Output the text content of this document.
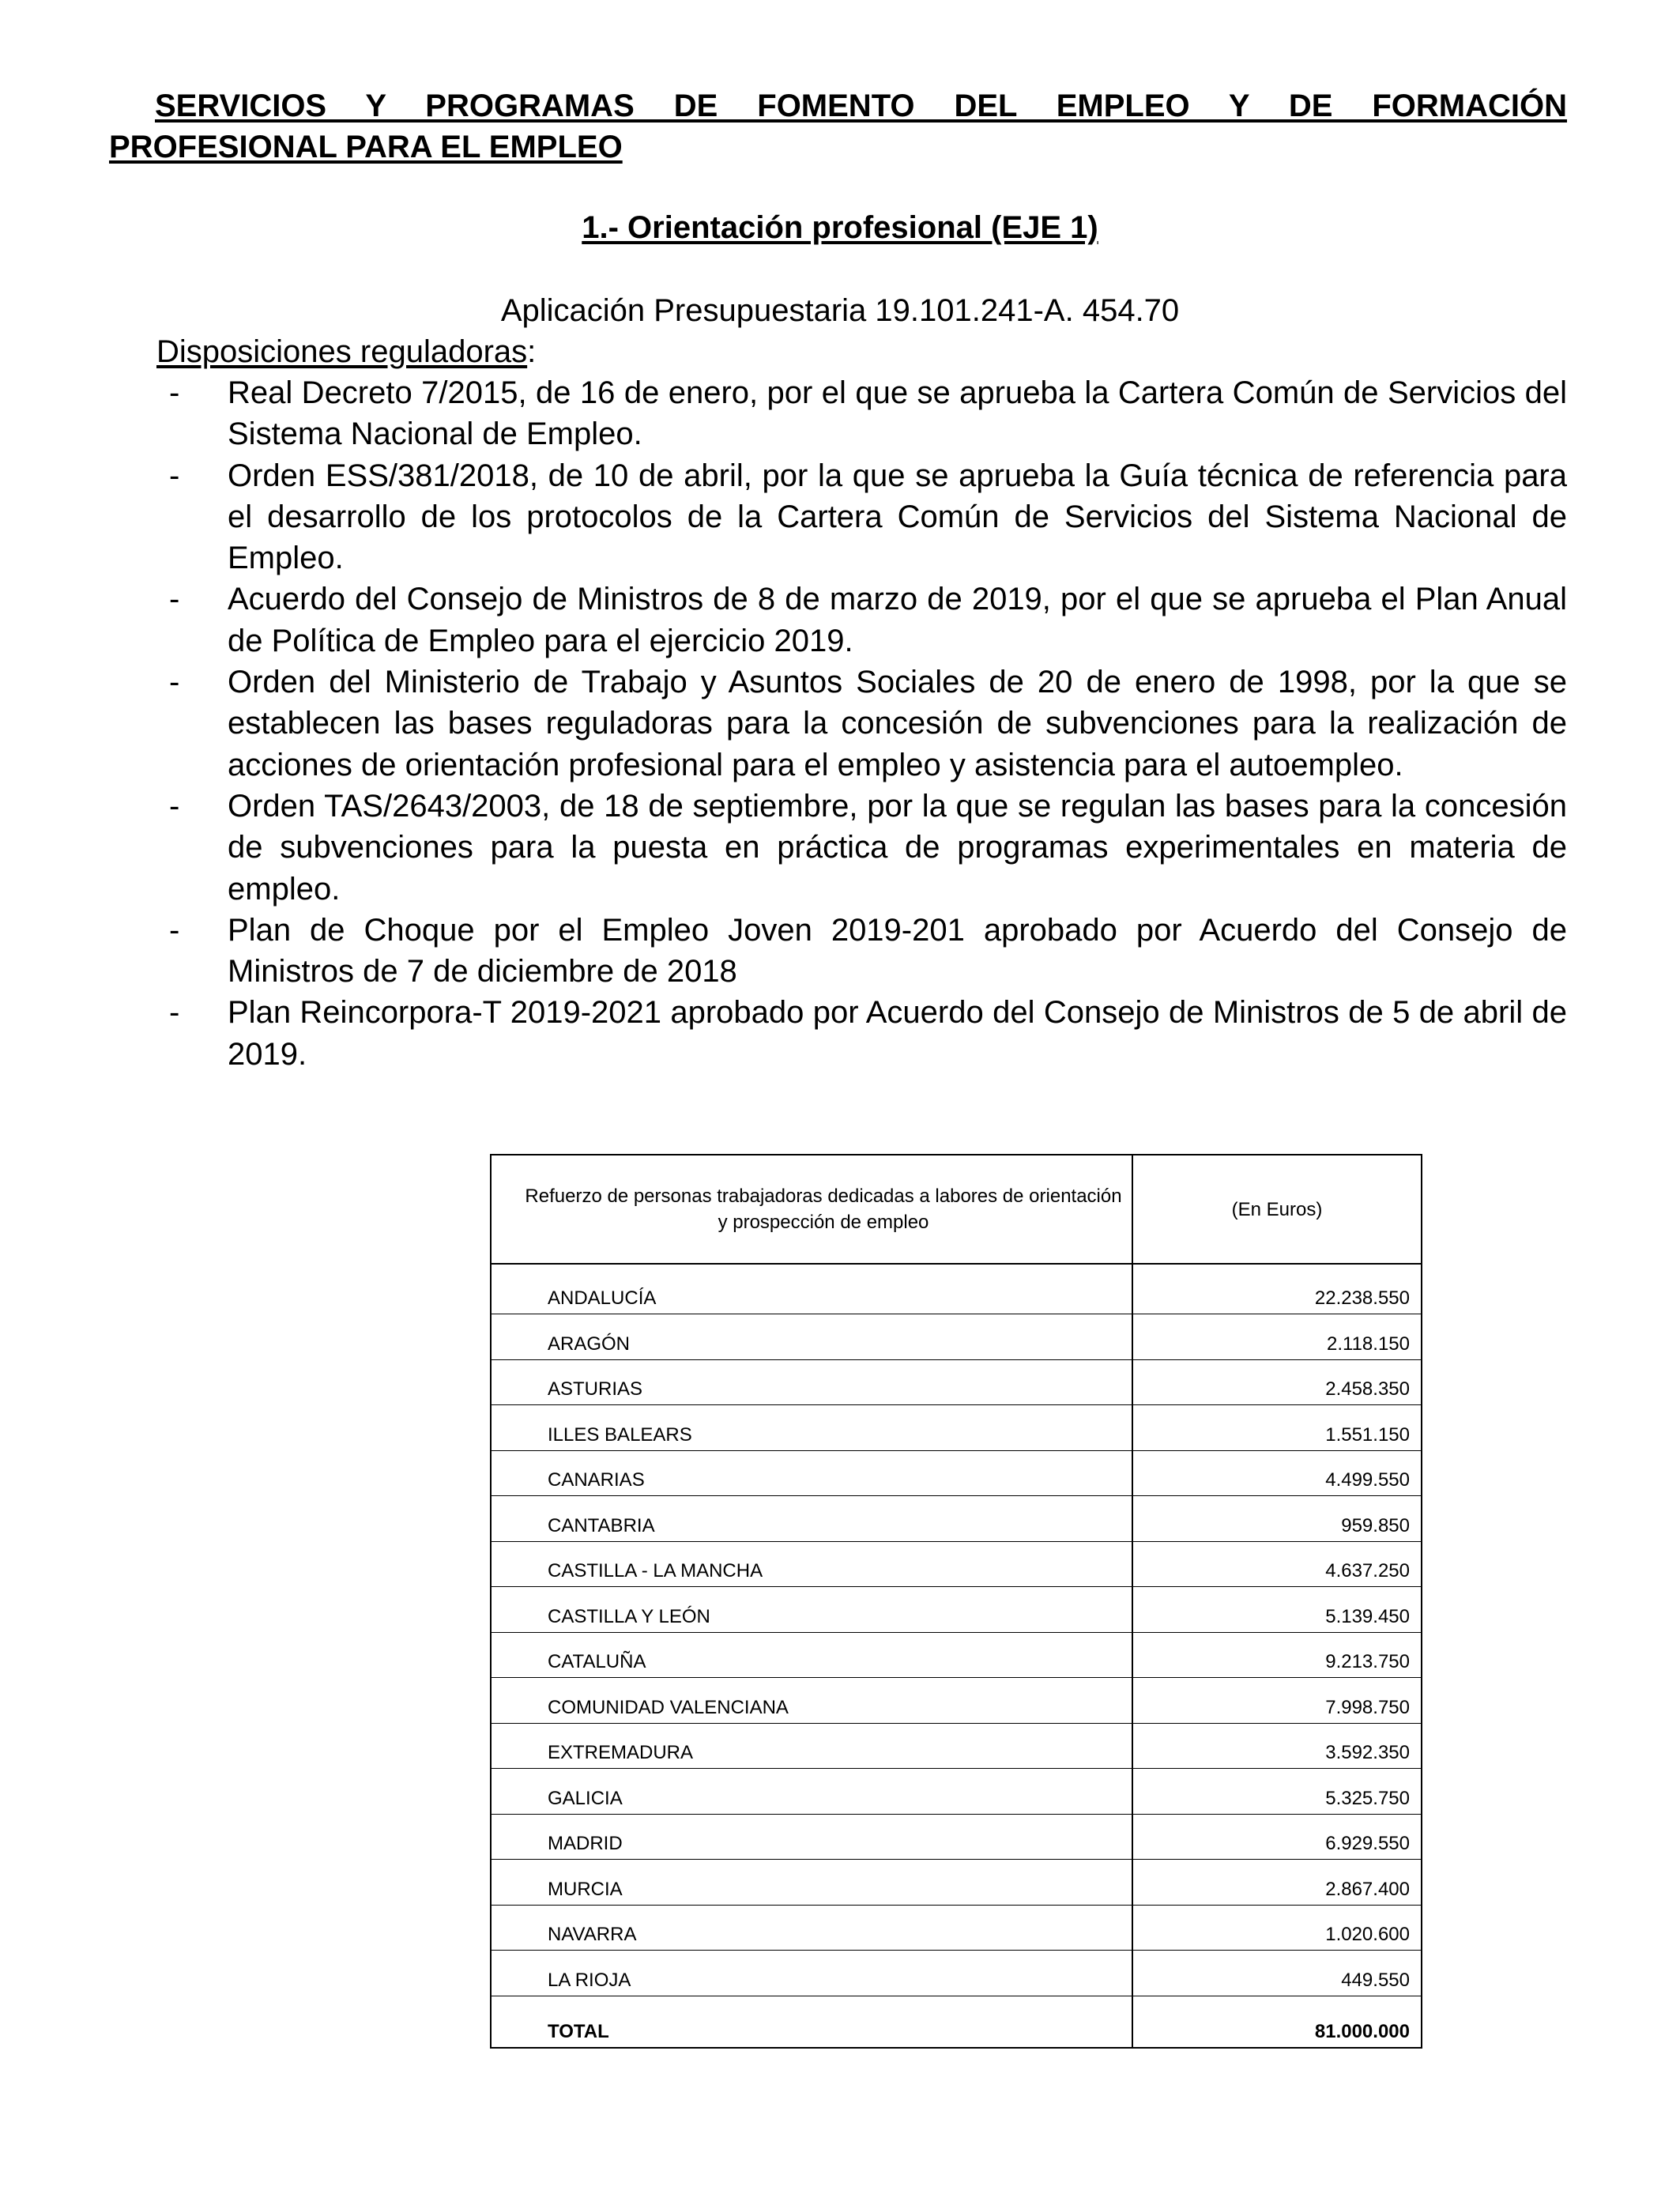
SERVICIOS Y PROGRAMAS DE FOMENTO DEL EMPLEO Y DE FORMACIÓN
PROFESIONAL PARA EL EMPLEO
1.- Orientación profesional (EJE 1)

Aplicación Presupuestaria 19.101.241-A. 454.70

Disposiciones reguladoras:

- Real Decreto 7/2015, de 16 de enero, por el que se aprueba la Cartera Común de Servicios del Sistema Nacional de Empleo.
- Orden ESS/381/2018, de 10 de abril, por la que se aprueba la Guía técnica de referencia para el desarrollo de los protocolos de la Cartera Común de Servicios del Sistema Nacional de Empleo.
- Acuerdo del Consejo de Ministros de 8 de marzo de 2019, por el que se aprueba el Plan Anual de Política de Empleo para el ejercicio 2019.
- Orden del Ministerio de Trabajo y Asuntos Sociales de 20 de enero de 1998, por la que se establecen las bases reguladoras para la concesión de subvenciones para la realización de acciones de orientación profesional para el empleo y asistencia para el autoempleo.
- Orden TAS/2643/2003, de 18 de septiembre, por la que se regulan las bases para la concesión de subvenciones para la puesta en práctica de programas experimentales en materia de empleo.
- Plan de Choque por el Empleo Joven 2019-201 aprobado por Acuerdo del Consejo de Ministros de 7 de diciembre de 2018
- Plan Reincorpora-T 2019-2021 aprobado por Acuerdo del Consejo de Ministros de 5 de abril de 2019.
Refuerzo de personas trabajadoras dedicadas a labores de orientación y prospección de empleo	(En Euros)
ANDALUCÍA	22.238.550
ARAGÓN	2.118.150
ASTURIAS	2.458.350
ILLES BALEARS	1.551.150
CANARIAS	4.499.550
CANTABRIA	959.850
CASTILLA - LA MANCHA	4.637.250
CASTILLA Y LEÓN	5.139.450
CATALUÑA	9.213.750
COMUNIDAD VALENCIANA	7.998.750
EXTREMADURA	3.592.350
GALICIA	5.325.750
MADRID	6.929.550
MURCIA	2.867.400
NAVARRA	1.020.600
LA RIOJA	449.550
TOTAL	81.000.000
